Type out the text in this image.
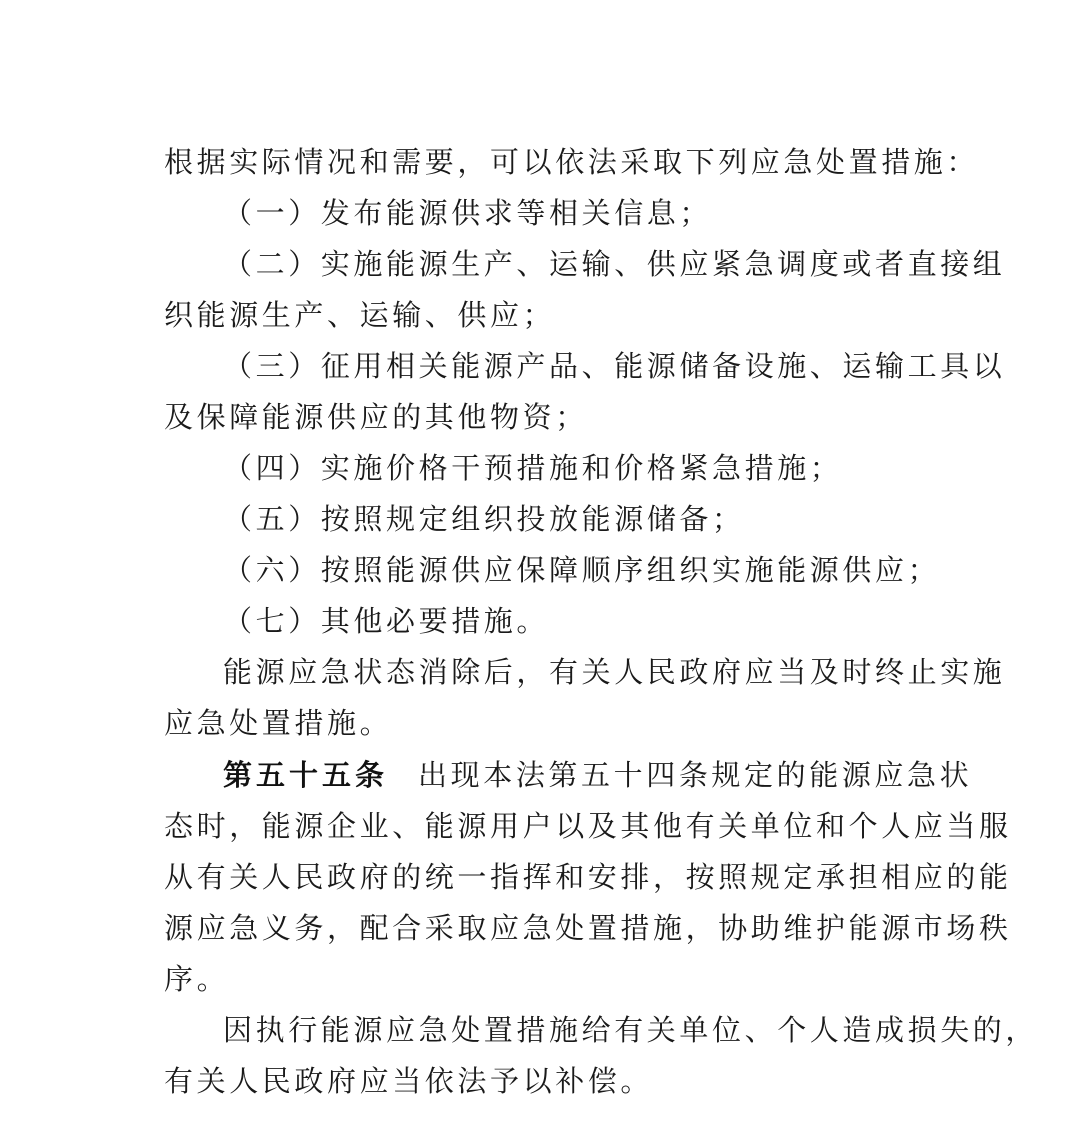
根据实际情况和需要，可以依法采取下列应急处置措施：

（一）发布能源供求等相关信息；

（二）实施能源生产、运输、供应紧急调度或者直接组

织能源生产、运输、供应；

（三）征用相关能源产品、能源储备设施、运输工具以

及保障能源供应的其他物资；

（四）实施价格干预措施和价格紧急措施；

（五）按照规定组织投放能源储备；

（六）按照能源供应保障顺序组织实施能源供应；

（七）其他必要措施。

能源应急状态消除后，有关人民政府应当及时终止实施

应急处置措施。

第五十五条 出现本法第五十四条规定的能源应急状

态时，能源企业、能源用户以及其他有关单位和个人应当服

从有关人民政府的统一指挥和安排，按照规定承担相应的能

源应急义务，配合采取应急处置措施，协助维护能源市场秩

序。

因执行能源应急处置措施给有关单位、个人造成损失的，

有关人民政府应当依法予以补偿。
